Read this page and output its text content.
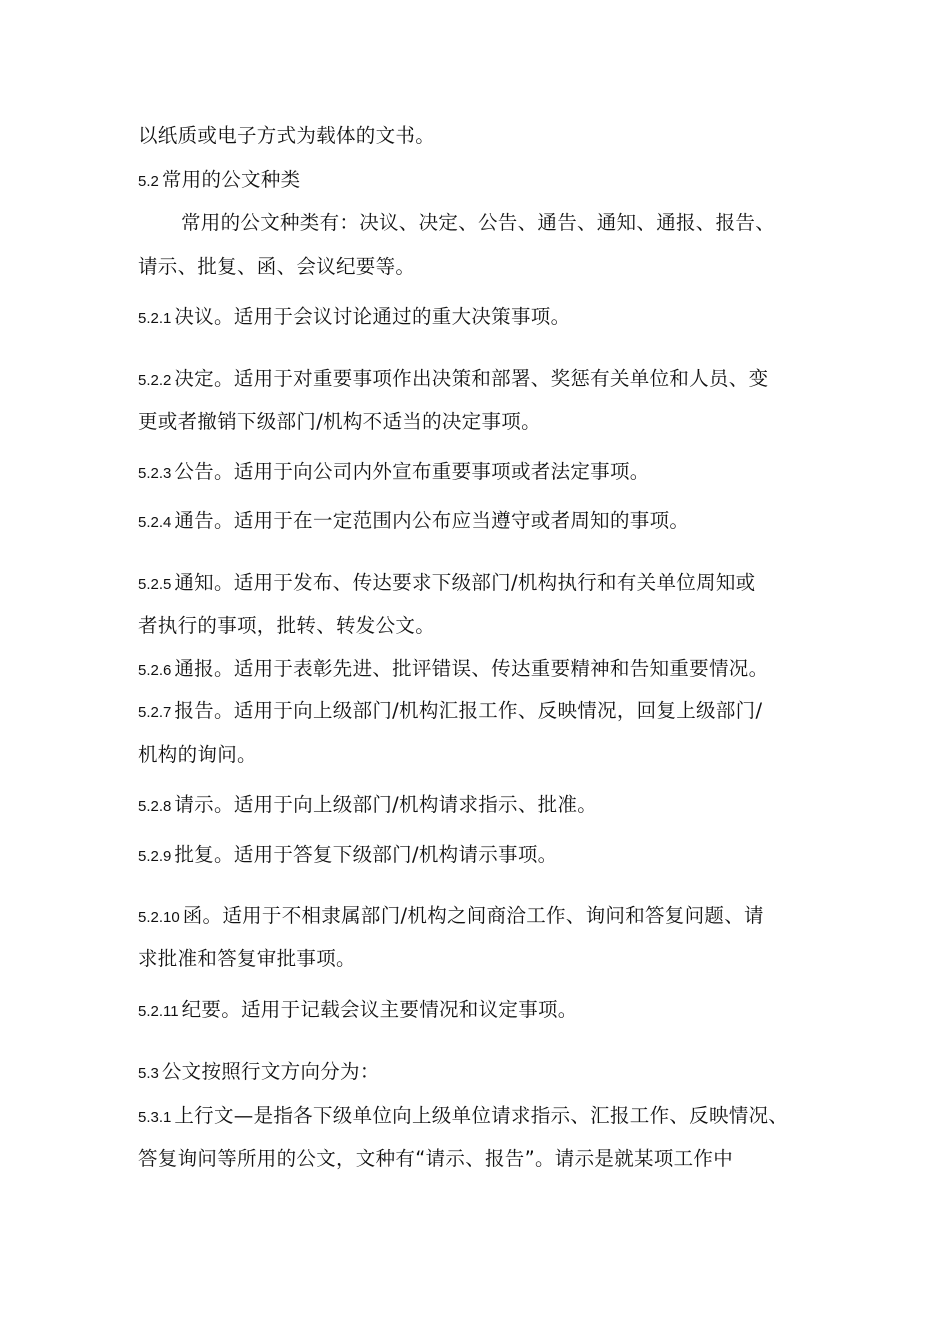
以纸质或电子方式为载体的文书。
5.2 常用的公文种类
常用的公文种类有：决议、决定、公告、通告、通知、通报、报告、
请示、批复、函、会议纪要等。
5.2.1 决议。适用于会议讨论通过的重大决策事项。
5.2.2 决定。适用于对重要事项作出决策和部署、奖惩有关单位和人员、变
更或者撤销下级部门/机构不适当的决定事项。
5.2.3 公告。适用于向公司内外宣布重要事项或者法定事项。
5.2.4 通告。适用于在一定范围内公布应当遵守或者周知的事项。
5.2.5 通知。适用于发布、传达要求下级部门/机构执行和有关单位周知或
者执行的事项，批转、转发公文。
5.2.6 通报。适用于表彰先进、批评错误、传达重要精神和告知重要情况。
5.2.7 报告。适用于向上级部门/机构汇报工作、反映情况，回复上级部门/
机构的询问。
5.2.8 请示。适用于向上级部门/机构请求指示、批准。
5.2.9 批复。适用于答复下级部门/机构请示事项。
5.2.10 函。适用于不相隶属部门/机构之间商洽工作、询问和答复问题、请
求批准和答复审批事项。
5.2.11 纪要。适用于记载会议主要情况和议定事项。
5.3 公文按照行文方向分为：
5.3.1 上行文—是指各下级单位向上级单位请求指示、汇报工作、反映情况、
答复询问等所用的公文，文种有“请示、报告”。请示是就某项工作中
